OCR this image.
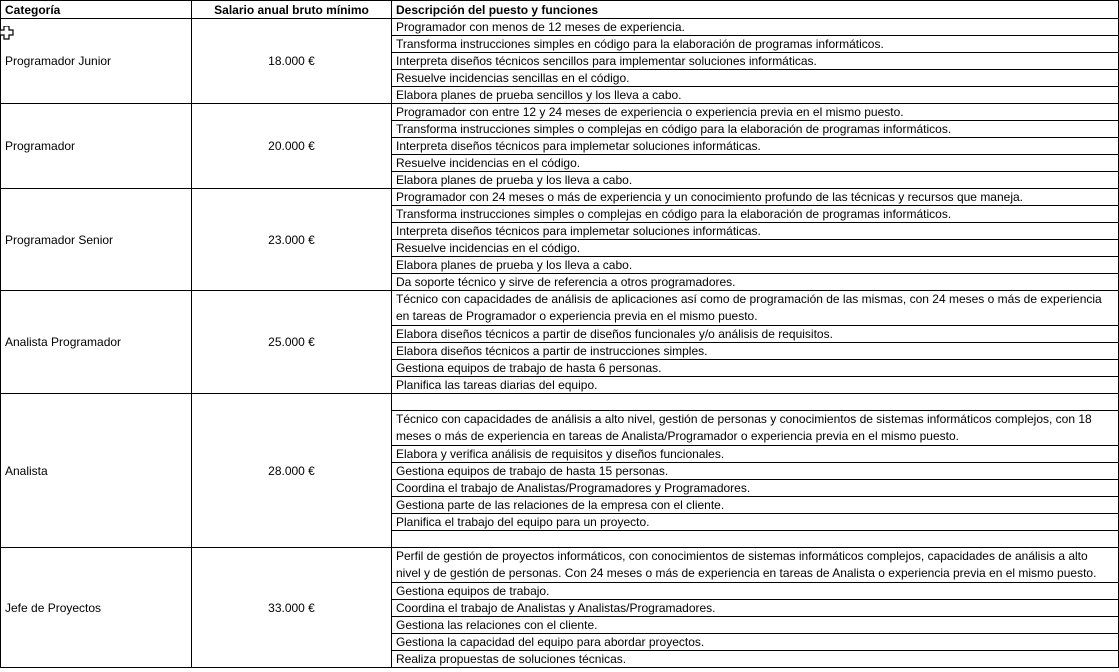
Categoría	Salario anual bruto mínimo	Descripción del puesto y funciones
Programador Junior	18.000 €	Programador con menos de 12 meses de experiencia.
		Transforma instrucciones simples en código para la elaboración de programas informáticos.
		Interpreta diseños técnicos sencillos para implementar soluciones informáticas.
		Resuelve incidencias sencillas en el código.
		Elabora planes de prueba sencillos y los lleva a cabo.
Programador	20.000 €	Programador con entre 12 y 24 meses de experiencia o experiencia previa en el mismo puesto.
		Transforma instrucciones simples o complejas en código para la elaboración de programas informáticos.
		Interpreta diseños técnicos para implemetar soluciones informáticas.
		Resuelve incidencias en el código.
		Elabora planes de prueba y los lleva a cabo.
Programador Senior	23.000 €	Programador con 24 meses o más de experiencia y un conocimiento profundo de las técnicas y recursos que maneja.
		Transforma instrucciones simples o complejas en código para la elaboración de programas informáticos.
		Interpreta diseños técnicos para implemetar soluciones informáticas.
		Resuelve incidencias en el código.
		Elabora planes de prueba y los lleva a cabo.
		Da soporte técnico y sirve de referencia a otros programadores.
Analista Programador	25.000 €	Técnico con capacidades de análisis de aplicaciones así como de programación de las mismas, con 24 meses o más de experiencia en tareas de Programador o experiencia previa en el mismo puesto.
		Elabora diseños técnicos a partir de diseños funcionales y/o análisis de requisitos.
		Elabora diseños técnicos a partir de instrucciones simples.
		Gestiona equipos de trabajo de hasta 6 personas.
		Planifica las tareas diarias del equipo.
Analista	28.000 €	
		Técnico con capacidades de análisis a alto nivel, gestión de personas y conocimientos de sistemas informáticos complejos, con 18 meses o más de experiencia en tareas de Analista/Programador o experiencia previa en el mismo puesto.
		Elabora y verifica análisis de requisitos y diseños funcionales.
		Gestiona equipos de trabajo de hasta 15 personas.
		Coordina el trabajo de Analistas/Programadores y Programadores.
		Gestiona parte de las relaciones de la empresa con el cliente.
		Planifica el trabajo del equipo para un proyecto.

Jefe de Proyectos	33.000 €	Perfil de gestión de proyectos informáticos, con conocimientos de sistemas informáticos complejos, capacidades de análisis a alto nivel y de gestión de personas. Con 24 meses o más de experiencia en tareas de Analista o experiencia previa en el mismo puesto.
		Gestiona equipos de trabajo.
		Coordina el trabajo de Analistas y Analistas/Programadores.
		Gestiona las relaciones con el cliente.
		Gestiona la capacidad del equipo para abordar proyectos.
		Realiza propuestas de soluciones técnicas.
